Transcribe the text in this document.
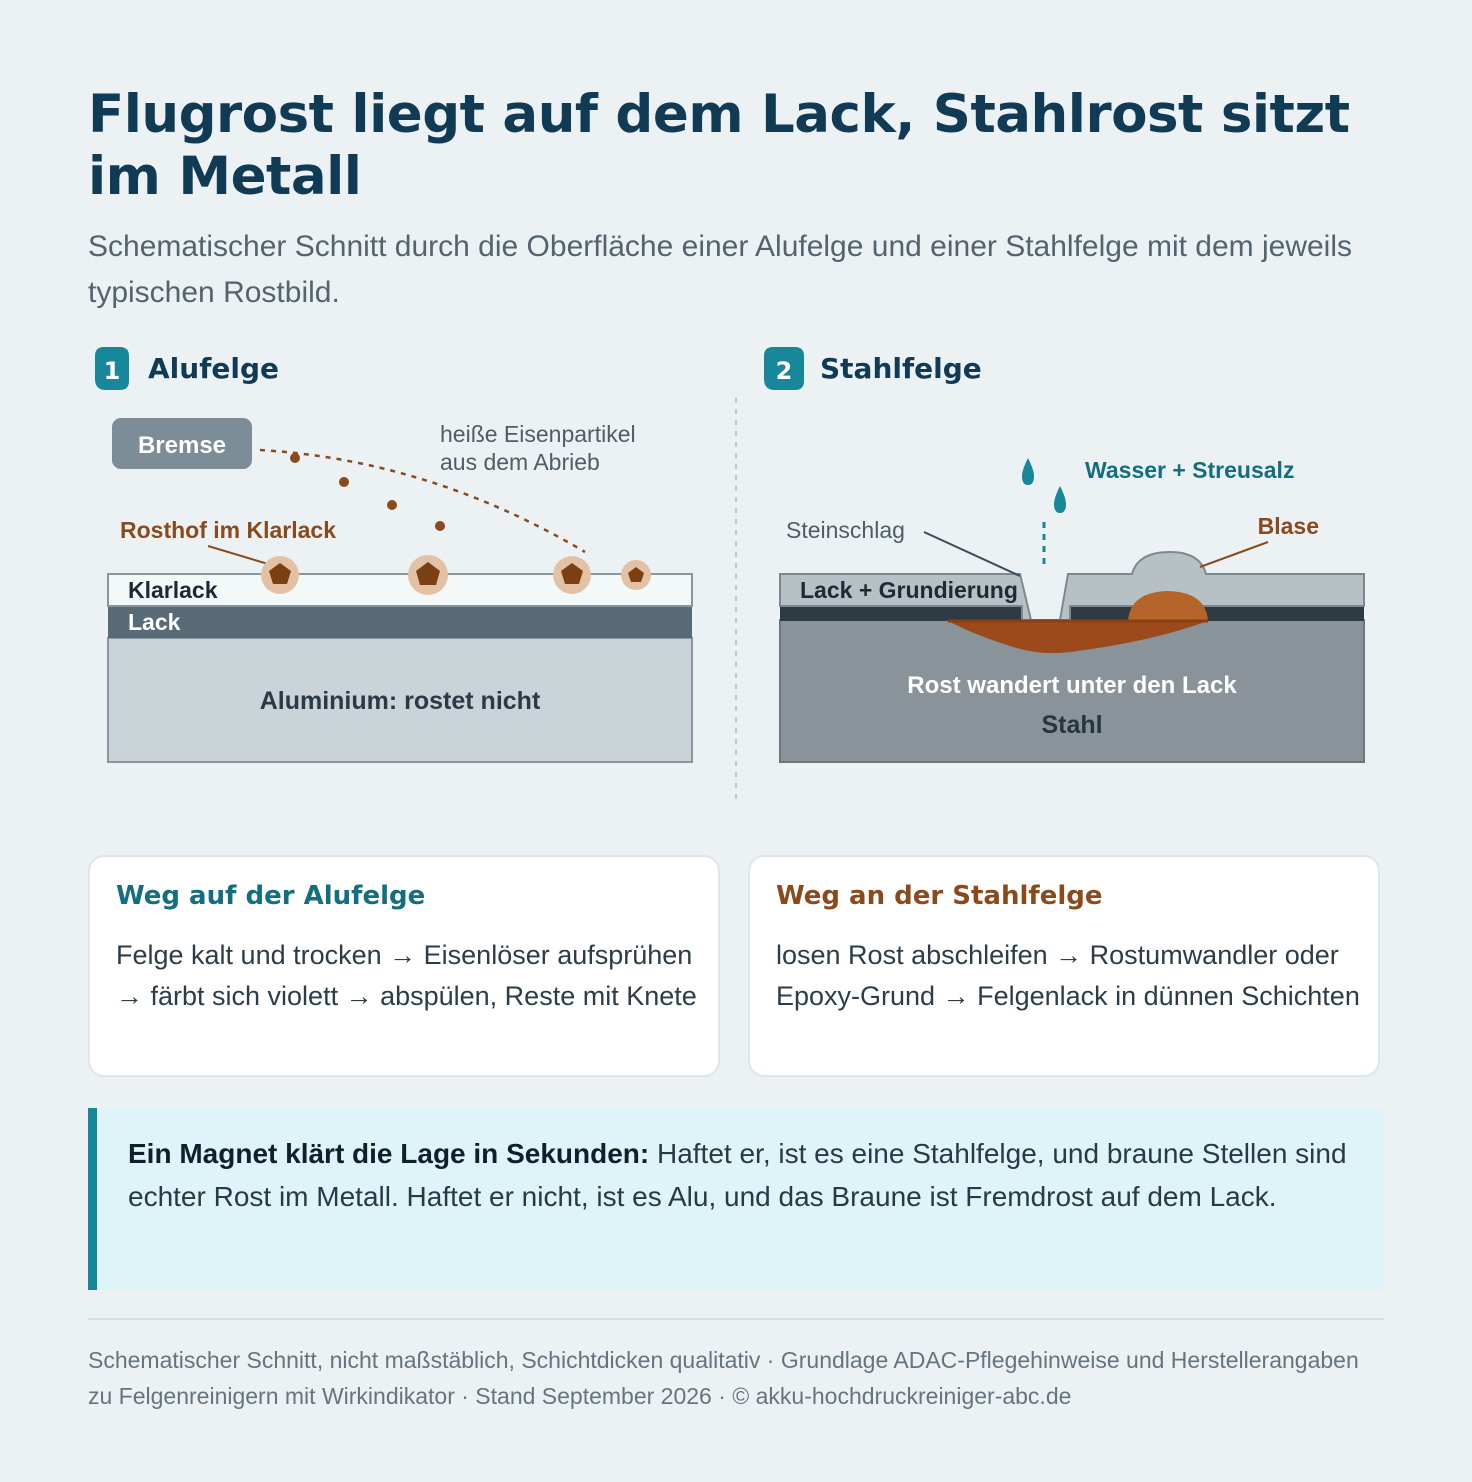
Flugrost liegt auf dem Lack, Stahlrost sitzt im Metall

Schematischer Schnitt durch die Oberfläche einer Alufelge und einer Stahlfelge mit dem jeweils typischen Rostbild.

1 Alufelge
Klarlack
Lack
Aluminium: rostet nicht
Bremse	heiße Eisenpartikel
aus dem Abrieb
Rosthof im Klarlack
2 Stahlfelge
Lack + Grundierung
Rost wandert unter den Lack
Stahl
Steinschlag	Blase
Wasser + Streusalz
Weg auf der Alufelge

Felge kalt und trocken → Eisenlöser aufsprühen → färbt sich violett → abspülen, Reste mit Knete

Weg an der Stahlfelge

losen Rost abschleifen → Rostumwandler oder Epoxy-Grund → Felgenlack in dünnen Schichten

Ein Magnet klärt die Lage in Sekunden: Haftet er, ist es eine Stahlfelge, und braune Stellen sind echter Rost im Metall. Haftet er nicht, ist es Alu, und das Braune ist Fremdrost auf dem Lack.

Schematischer Schnitt, nicht maßstäblich, Schichtdicken qualitativ · Grundlage ADAC-Pflegehinweise und Herstellerangaben zu Felgenreinigern mit Wirkindikator · Stand September 2026 · © akku-hochdruckreiniger-abc.de
